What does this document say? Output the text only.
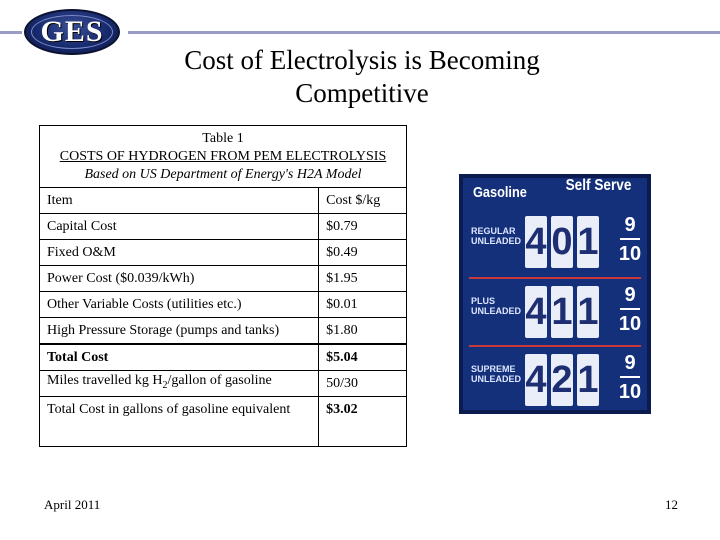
GES
Cost of Electrolysis is Becoming
Competitive
Table 1
COSTS OF HYDROGEN FROM PEM ELECTROLYSIS
Based on US Department of Energy's H2A Model	

Item	Cost $/kg
Capital Cost	$0.79
Fixed O&M	$0.49
Power Cost ($0.039/kWh)	$1.95
Other Variable Costs (utilities etc.)	$0.01
High Pressure Storage (pumps and tanks)	$1.80
Total Cost	$5.04
Miles travelled kg $H_2$/gallon of gasoline	50/30
Total Cost in gallons of gasoline equivalent	$3.02
Gasoline Self Serve
REGULAR UNLEADED 4 0 1	9
10
PLUS UNLEADED 4 1 1	9
10
SUPREME UNLEADED 4 2 1	9
10
April 2011	12
